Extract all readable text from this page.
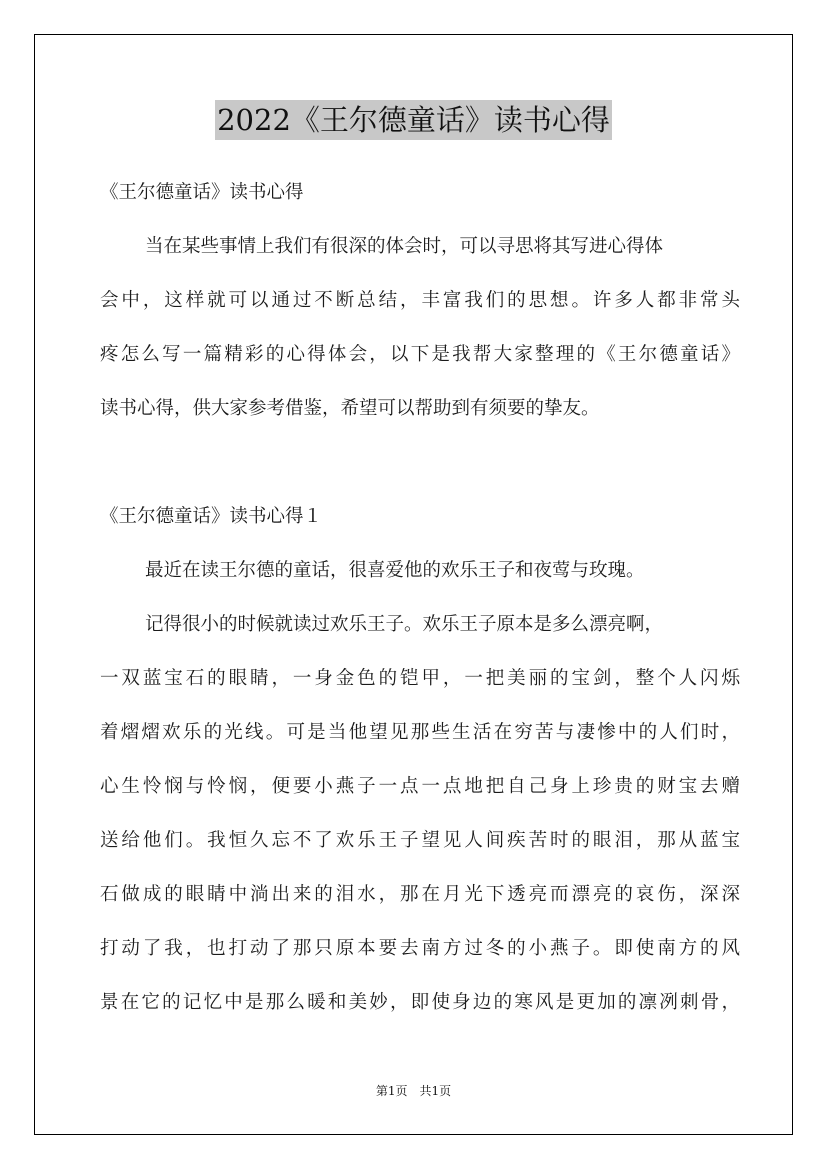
2022《王尔德童话》读书心得
《王尔德童话》读书心得
当在某些事情上我们有很深的体会时，可以寻思将其写进心得体
会中，这样就可以通过不断总结，丰富我们的思想。许多人都非常头
疼怎么写一篇精彩的心得体会，以下是我帮大家整理的《王尔德童话》
读书心得，供大家参考借鉴，希望可以帮助到有须要的挚友。
《王尔德童话》读书心得１
最近在读王尔德的童话，很喜爱他的欢乐王子和夜莺与玫瑰。
记得很小的时候就读过欢乐王子。欢乐王子原本是多么漂亮啊，
一双蓝宝石的眼睛，一身金色的铠甲，一把美丽的宝剑，整个人闪烁
着熠熠欢乐的光线。可是当他望见那些生活在穷苦与凄惨中的人们时，
心生怜悯与怜悯，便要小燕子一点一点地把自己身上珍贵的财宝去赠
送给他们。我恒久忘不了欢乐王子望见人间疾苦时的眼泪，那从蓝宝
石做成的眼睛中淌出来的泪水，那在月光下透亮而漂亮的哀伤，深深
打动了我，也打动了那只原本要去南方过冬的小燕子。即使南方的风
景在它的记忆中是那么暖和美妙，即使身边的寒风是更加的凛冽刺骨，
第1页　共1页
